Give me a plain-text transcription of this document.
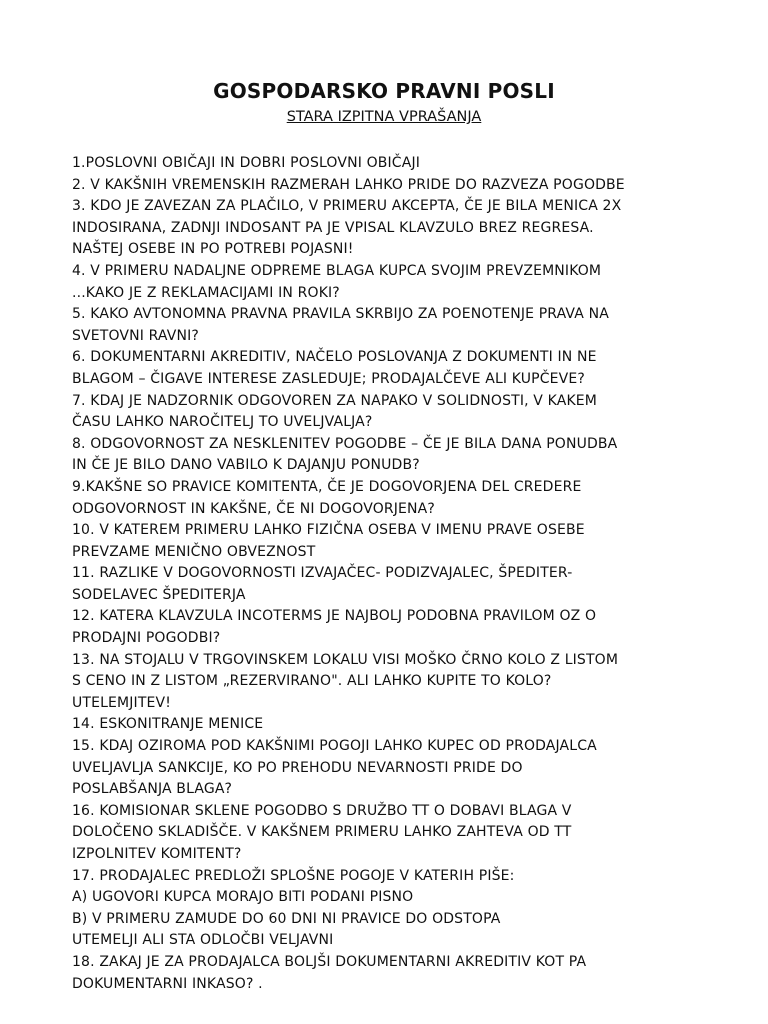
GOSPODARSKO PRAVNI POSLI
STARA IZPITNA VPRAŠANJA
1.POSLOVNI OBIČAJI IN DOBRI POSLOVNI OBIČAJI
2. V KAKŠNIH VREMENSKIH RAZMERAH LAHKO PRIDE DO RAZVEZA POGODBE
3. KDO JE ZAVEZAN ZA PLAČILO, V PRIMERU AKCEPTA, ČE JE BILA MENICA 2X
INDOSIRANA, ZADNJI INDOSANT PA JE VPISAL KLAVZULO BREZ REGRESA.
NAŠTEJ OSEBE IN PO POTREBI POJASNI!
4. V PRIMERU NADALJNE ODPREME BLAGA KUPCA SVOJIM PREVZEMNIKOM
...KAKO JE Z REKLAMACIJAMI IN ROKI?
5. KAKO AVTONOMNA PRAVNA PRAVILA SKRBIJO ZA POENOTENJE PRAVA NA
SVETOVNI RAVNI?
6. DOKUMENTARNI AKREDITIV, NAČELO POSLOVANJA Z DOKUMENTI IN NE
BLAGOM – ČIGAVE INTERESE ZASLEDUJE; PRODAJALČEVE ALI KUPČEVE?
7. KDAJ JE NADZORNIK ODGOVOREN ZA NAPAKO V SOLIDNOSTI, V KAKEM
ČASU LAHKO NAROČITELJ TO UVELJVALJA?
8. ODGOVORNOST ZA NESKLENITEV POGODBE – ČE JE BILA DANA PONUDBA
IN ČE JE BILO DANO VABILO K DAJANJU PONUDB?
9.KAKŠNE SO PRAVICE KOMITENTA, ČE JE DOGOVORJENA DEL CREDERE
ODGOVORNOST IN KAKŠNE, ČE NI DOGOVORJENA?
10. V KATEREM PRIMERU LAHKO FIZIČNA OSEBA V IMENU PRAVE OSEBE
PREVZAME MENIČNO OBVEZNOST
11. RAZLIKE V DOGOVORNOSTI IZVAJAČEC- PODIZVAJALEC, ŠPEDITER-
SODELAVEC ŠPEDITERJA
12. KATERA KLAVZULA INCOTERMS JE NAJBOLJ PODOBNA PRAVILOM OZ O
PRODAJNI POGODBI?
13. NA STOJALU V TRGOVINSKEM LOKALU VISI MOŠKO ČRNO KOLO Z LISTOM
S CENO IN Z LISTOM „REZERVIRANO". ALI LAHKO KUPITE TO KOLO?
UTELEMJITEV!
14. ESKONITRANJE MENICE
15. KDAJ OZIROMA POD KAKŠNIMI POGOJI LAHKO KUPEC OD PRODAJALCA
UVELJAVLJA SANKCIJE, KO PO PREHODU NEVARNOSTI PRIDE DO
POSLABŠANJA BLAGA?
16. KOMISIONAR SKLENE POGODBO S DRUŽBO TT O DOBAVI BLAGA V
DOLOČENO SKLADIŠČE. V KAKŠNEM PRIMERU LAHKO ZAHTEVA OD TT
IZPOLNITEV KOMITENT?
17. PRODAJALEC PREDLOŽI SPLOŠNE POGOJE V KATERIH PIŠE:
A) UGOVORI KUPCA MORAJO BITI PODANI PISNO
B) V PRIMERU ZAMUDE DO 60 DNI NI PRAVICE DO ODSTOPA
UTEMELJI ALI STA ODLOČBI VELJAVNI
18. ZAKAJ JE ZA PRODAJALCA BOLJŠI DOKUMENTARNI AKREDITIV KOT PA
DOKUMENTARNI INKASO? .
